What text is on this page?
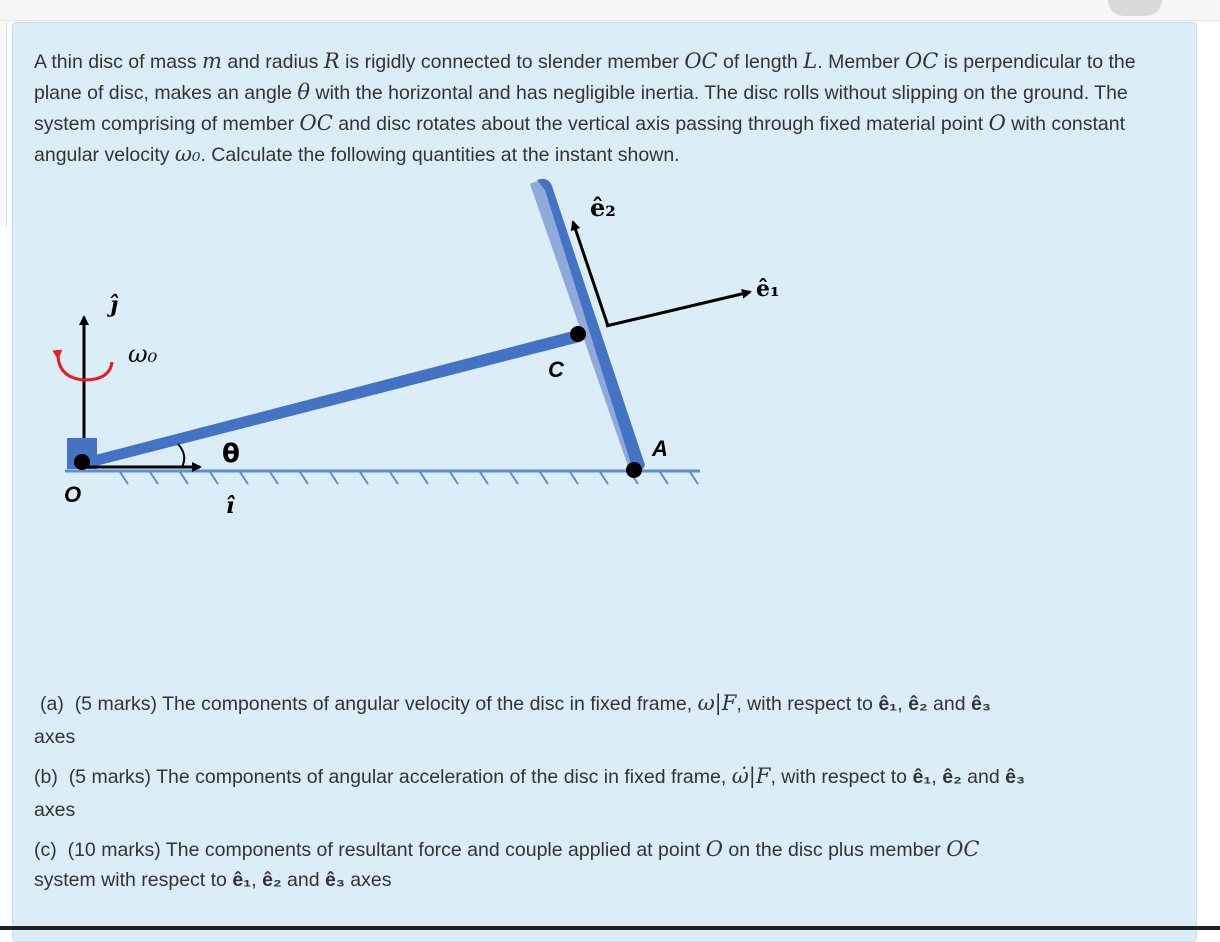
A thin disc of mass m and radius R is rigidly connected to slender member OC of length L. Member OC is perpendicular to the plane of disc, makes an angle θ with the horizontal and has negligible inertia. The disc rolls without slipping on the ground. The system comprising of member OC and disc rotates about the vertical axis passing through fixed material point O with constant angular velocity ω₀. Calculate the following quantities at the instant shown.
ê₂
ê₁
ĵ
ω₀
C
A
θ
O	î
(a) (5 marks) The components of angular velocity of the disc in fixed frame, ω|F, with respect to ê₁, ê₂ and ê₃
axes
(b) (5 marks) The components of angular acceleration of the disc in fixed frame, ω̇|F, with respect to ê₁, ê₂ and ê₃
axes
(c) (10 marks) The components of resultant force and couple applied at point O on the disc plus member OC
system with respect to ê₁, ê₂ and ê₃ axes
